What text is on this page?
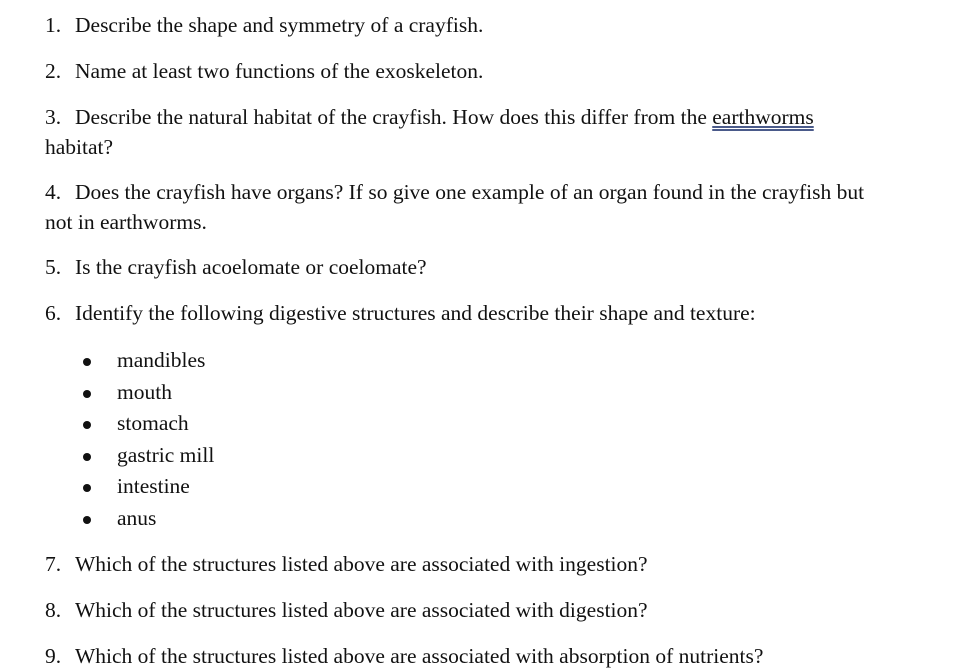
1. Describe the shape and symmetry of a crayfish.
2. Name at least two functions of the exoskeleton.
3. Describe the natural habitat of the crayfish. How does this differ from the earthworms
habitat?
4. Does the crayfish have organs? If so give one example of an organ found in the crayfish but
not in earthworms.
5. Is the crayfish acoelomate or coelomate?
6. Identify the following digestive structures and describe their shape and texture:
mandibles
mouth
stomach
gastric mill
intestine
anus
7. Which of the structures listed above are associated with ingestion?
8. Which of the structures listed above are associated with digestion?
9. Which of the structures listed above are associated with absorption of nutrients?
